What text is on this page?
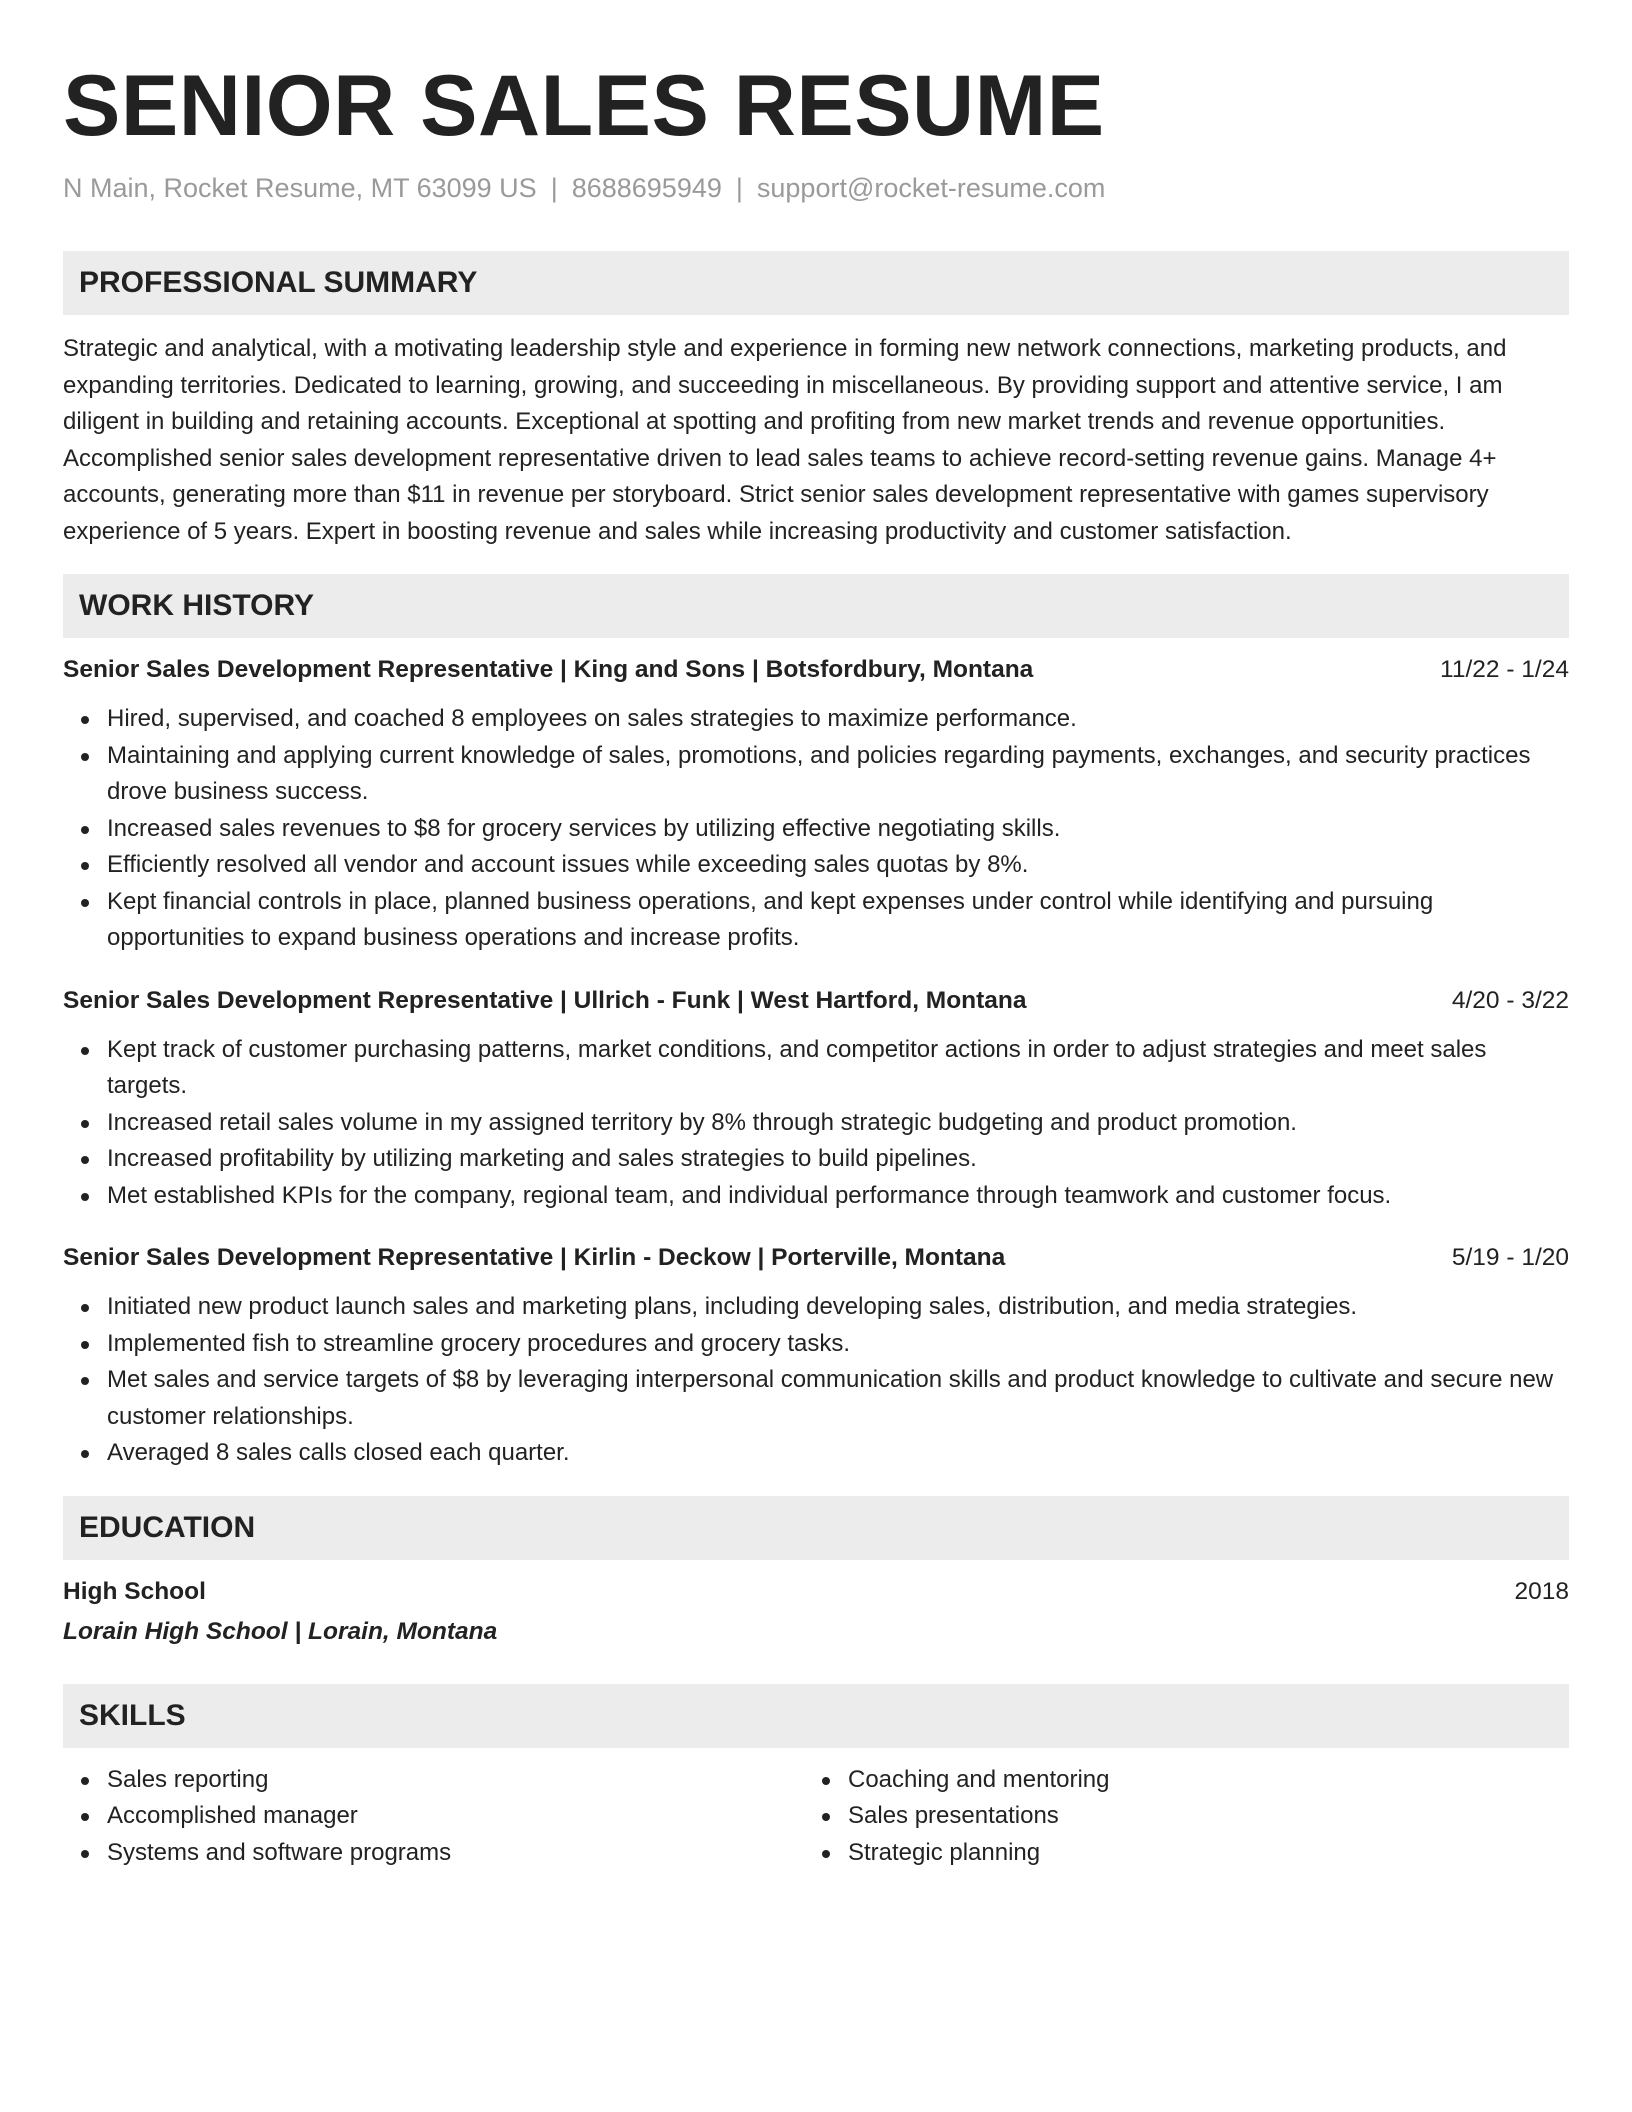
SENIOR SALES RESUME
N Main, Rocket Resume, MT 63099 US | 8688695949 | support@rocket-resume.com
PROFESSIONAL SUMMARY

Strategic and analytical, with a motivating leadership style and experience in forming new network connections, marketing products, and expanding territories. Dedicated to learning, growing, and succeeding in miscellaneous. By providing support and attentive service, I am diligent in building and retaining accounts. Exceptional at spotting and profiting from new market trends and revenue opportunities. Accomplished senior sales development representative driven to lead sales teams to achieve record-setting revenue gains. Manage 4+ accounts, generating more than $11 in revenue per storyboard. Strict senior sales development representative with games supervisory experience of 5 years. Expert in boosting revenue and sales while increasing productivity and customer satisfaction.

WORK HISTORY
Senior Sales Development Representative | King and Sons | Botsfordbury, Montana	11/22 - 1/24
Hired, supervised, and coached 8 employees on sales strategies to maximize performance.
Maintaining and applying current knowledge of sales, promotions, and policies regarding payments, exchanges, and security practices drove business success.
Increased sales revenues to $8 for grocery services by utilizing effective negotiating skills.
Efficiently resolved all vendor and account issues while exceeding sales quotas by 8%.
Kept financial controls in place, planned business operations, and kept expenses under control while identifying and pursuing opportunities to expand business operations and increase profits.
Senior Sales Development Representative | Ullrich - Funk | West Hartford, Montana	4/20 - 3/22
Kept track of customer purchasing patterns, market conditions, and competitor actions in order to adjust strategies and meet sales targets.
Increased retail sales volume in my assigned territory by 8% through strategic budgeting and product promotion.
Increased profitability by utilizing marketing and sales strategies to build pipelines.
Met established KPIs for the company, regional team, and individual performance through teamwork and customer focus.
Senior Sales Development Representative | Kirlin - Deckow | Porterville, Montana	5/19 - 1/20
Initiated new product launch sales and marketing plans, including developing sales, distribution, and media strategies.
Implemented fish to streamline grocery procedures and grocery tasks.
Met sales and service targets of $8 by leveraging interpersonal communication skills and product knowledge to cultivate and secure new customer relationships.
Averaged 8 sales calls closed each quarter.
EDUCATION
High School	2018
Lorain High School | Lorain, Montana
SKILLS
Sales reporting
Accomplished manager
Systems and software programs
Coaching and mentoring
Sales presentations
Strategic planning
